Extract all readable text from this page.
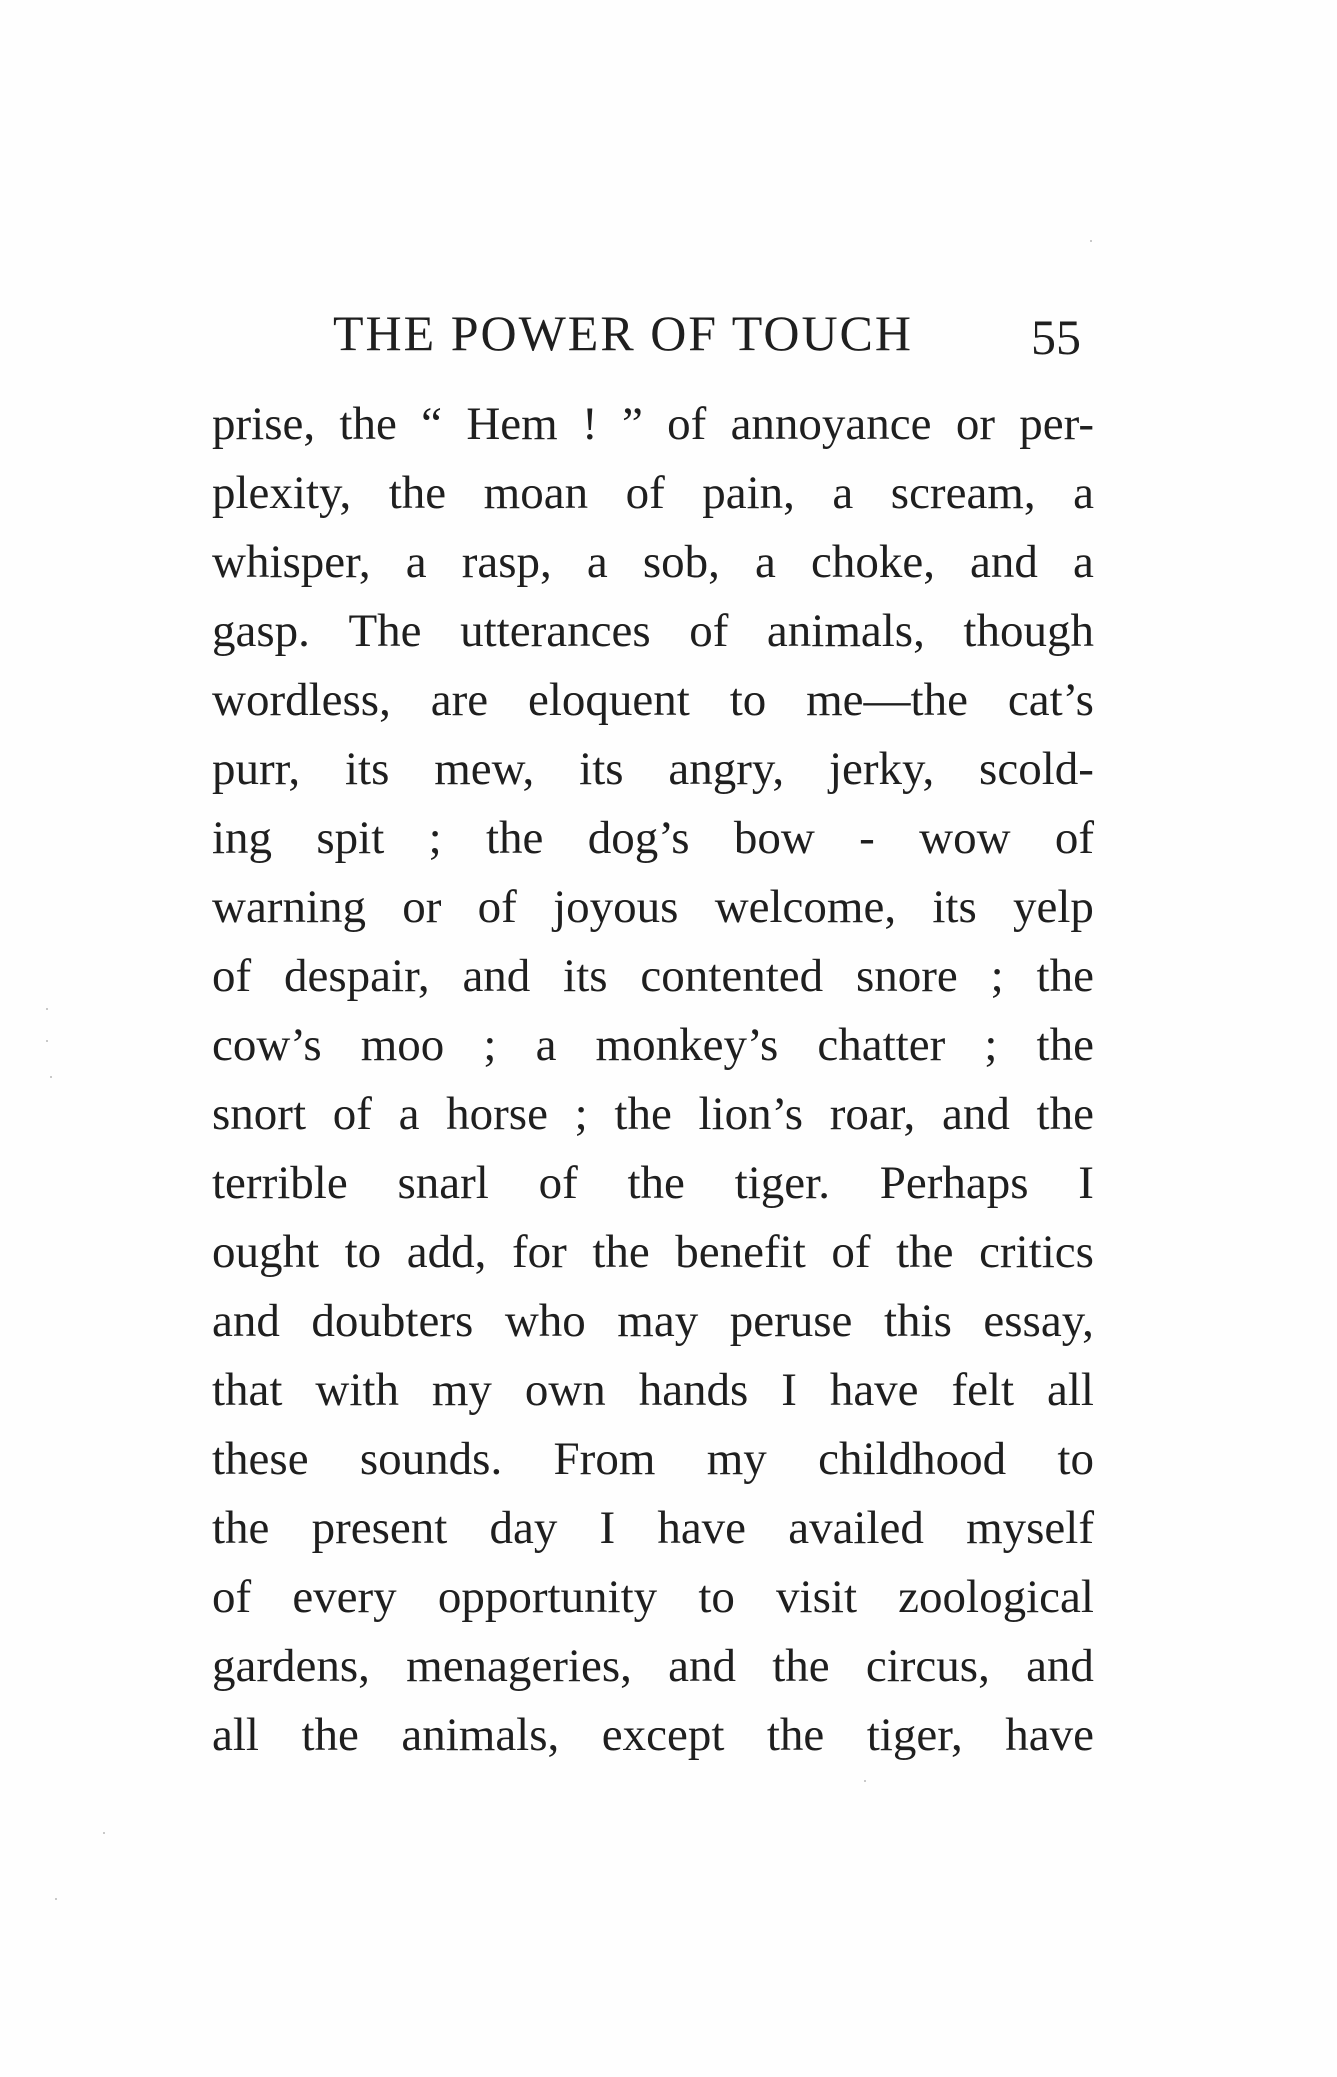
THE POWER OF TOUCH 55
prise, the “ Hem ! ” of annoyance or per-
plexity, the moan of pain, a scream, a
whisper, a rasp, a sob, a choke, and a
gasp. The utterances of animals, though
wordless, are eloquent to me—the cat’s
purr, its mew, its angry, jerky, scold-
ing spit ; the dog’s bow - wow of
warning or of joyous welcome, its yelp
of despair, and its contented snore ; the
cow’s moo ; a monkey’s chatter ; the
snort of a horse ; the lion’s roar, and the
terrible snarl of the tiger. Perhaps I
ought to add, for the benefit of the critics
and doubters who may peruse this essay,
that with my own hands I have felt all
these sounds. From my childhood to
the present day I have availed myself
of every opportunity to visit zoological
gardens, menageries, and the circus, and
all the animals, except the tiger, have
